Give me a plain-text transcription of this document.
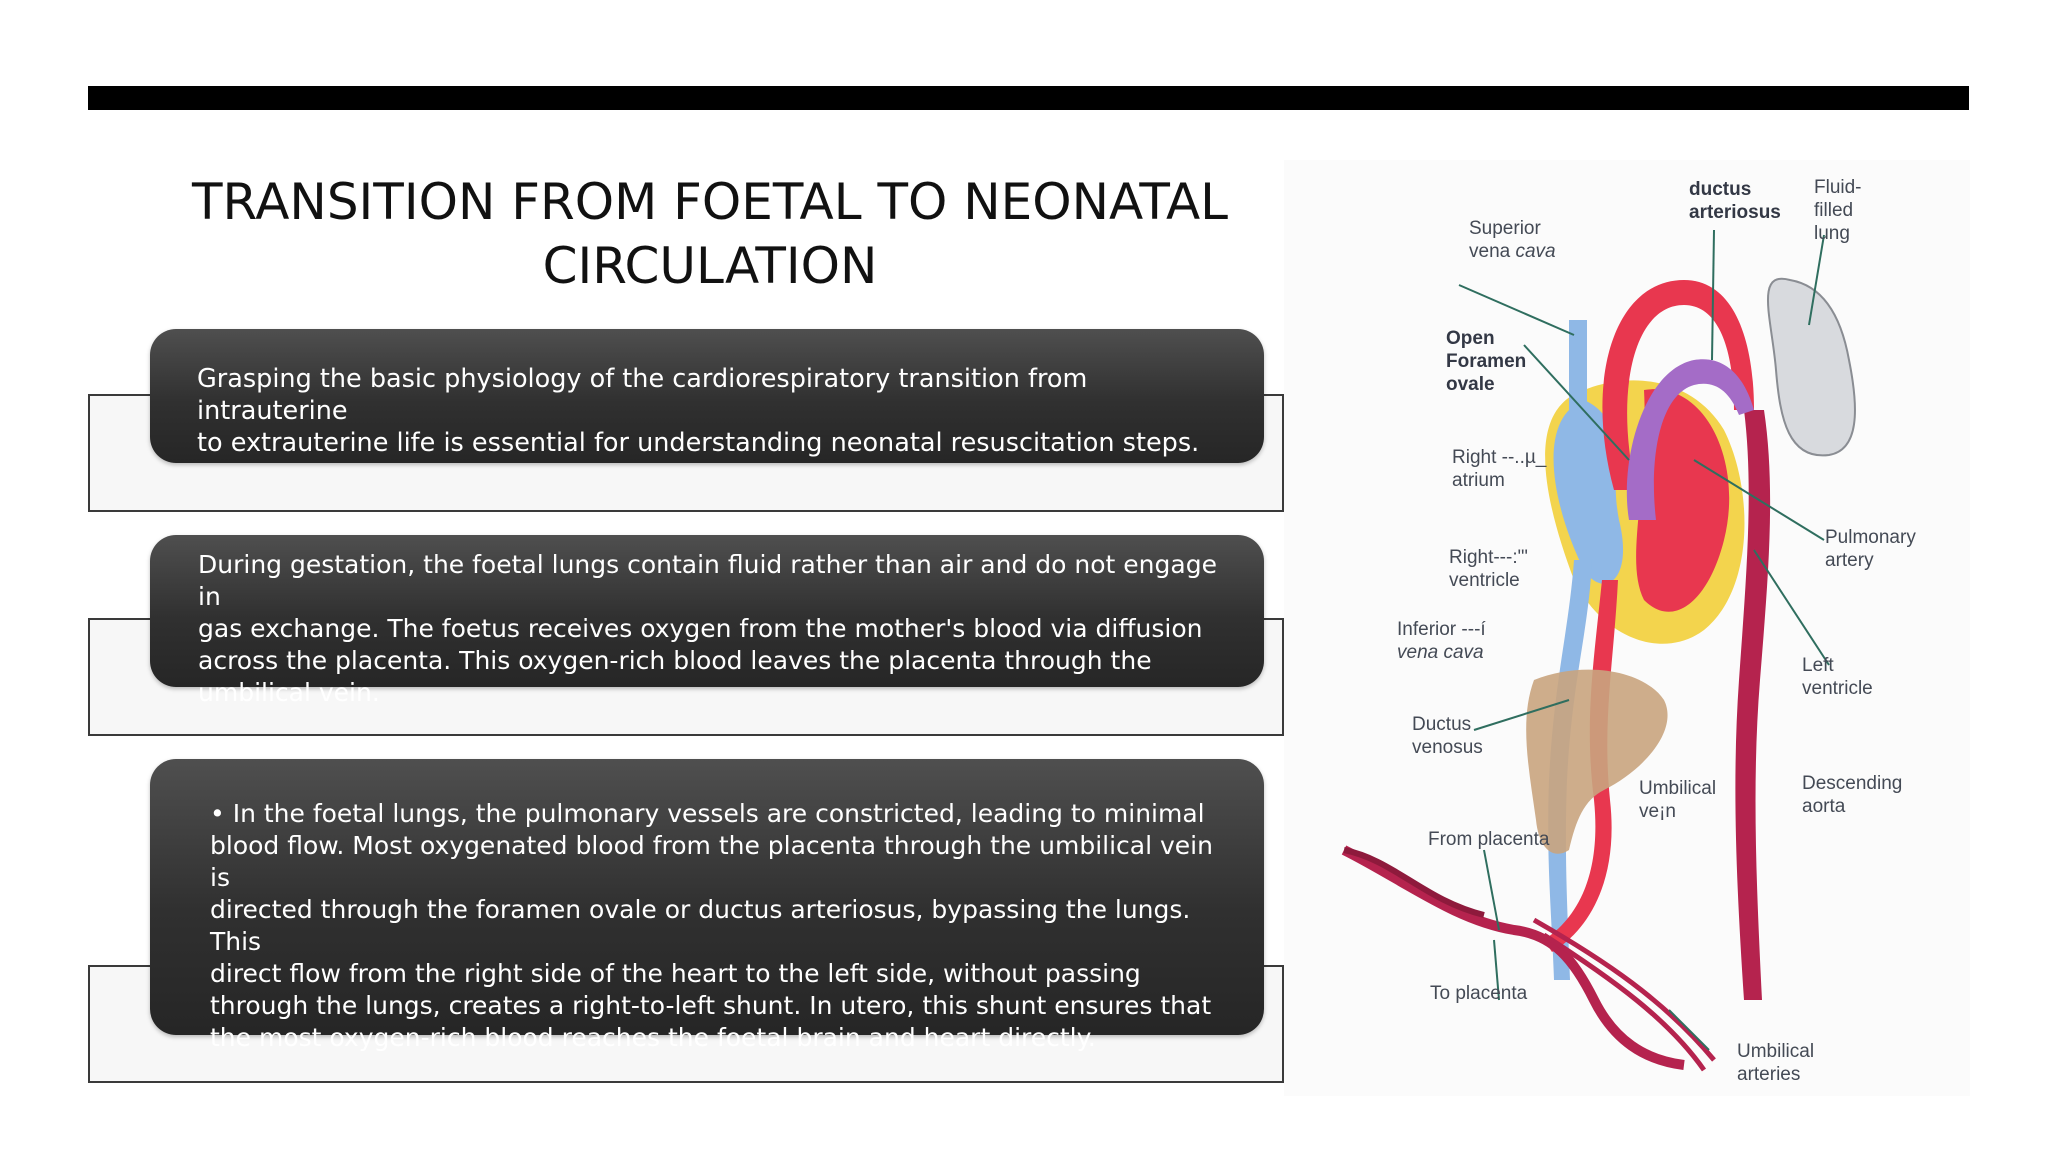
TRANSITION FROM FOETAL TO NEONATAL
CIRCULATION

Grasping the basic physiology of the cardiorespiratory transition from intrauterine

to extrauterine life is essential for understanding neonatal resuscitation steps.

During gestation, the foetal lungs contain fluid rather than air and do not engage in

gas exchange. The foetus receives oxygen from the mother's blood via diffusion

across the placenta. This oxygen-rich blood leaves the placenta through the

umbilical vein.

• In the foetal lungs, the pulmonary vessels are constricted, leading to minimal

blood flow. Most oxygenated blood from the placenta through the umbilical vein is

directed through the foramen ovale or ductus arteriosus, bypassing the lungs. This

direct flow from the right side of the heart to the left side, without passing

through the lungs, creates a right-to-left shunt. In utero, this shunt ensures that

the most oxygen-rich blood reaches the foetal brain and heart directly.

ductus
arteriosus
Fluid-
filled
lung
Superior
vena cava
Open
Foramen
ovale
Right --..µ_
atrium
Pulmonary
artery
Right---:"'
ventricle
Inferior ---í
vena cava
Left
ventricle
Ductus
venosus
Umbilical
ve¡n
Descending
aorta
From placenta
To placenta
Umbilical
arteries
